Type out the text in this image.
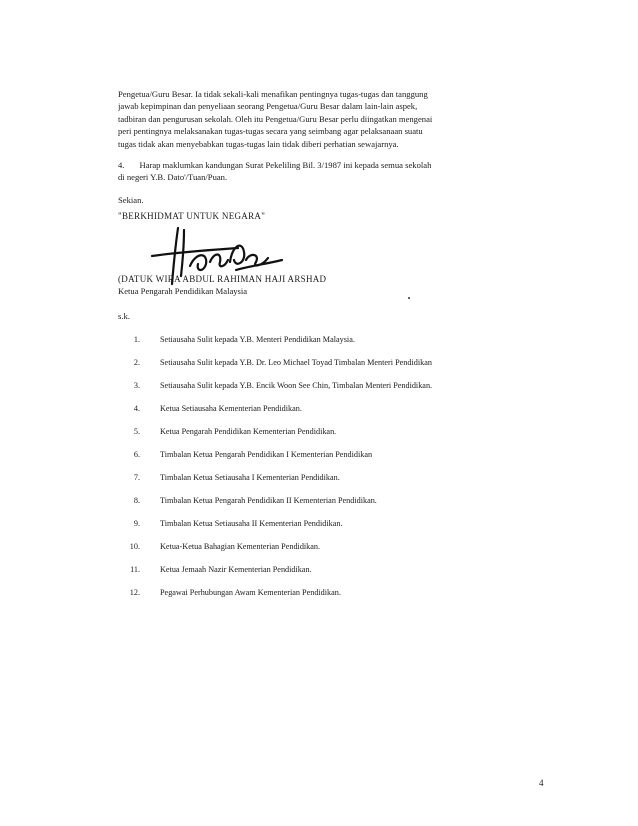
Pengetua/Guru Besar. Ia tidak sekali-kali menafikan pentingnya tugas-tugas dan tanggung
jawab kepimpinan dan penyeliaan seorang Pengetua/Guru Besar dalam lain-lain aspek,
tadbiran dan pengurusan sekolah. Oleh itu Pengetua/Guru Besar perlu diingatkan mengenai
peri pentingnya melaksanakan tugas-tugas secara yang seimbang agar pelaksanaan suatu
tugas tidak akan menyebabkan tugas-tugas lain tidak diberi perhatian sewajarnya.
4.       Harap maklumkan kandungan Surat Pekeliling Bil. 3/1987 ini kepada semua sekolah
di negeri Y.B. Dato'/Tuan/Puan.
Sekian.
"BERKHIDMAT UNTUK NEGARA"
(DATUK WIRA ABDUL RAHIMAN HAJI ARSHAD
Ketua Pengarah Pendidikan Malaysia
s.k.
1. Setiausaha Sulit kepada Y.B. Menteri Pendidikan Malaysia.
2. Setiausaha Sulit kepada Y.B. Dr. Leo Michael Toyad Timbalan Menteri Pendidikan
3. Setiausaha Sulit kepada Y.B. Encik Woon See Chin, Timbalan Menteri Pendidikan.
4. Ketua Setiausaha Kementerian Pendidikan.
5. Ketua Pengarah Pendidikan Kementerian Pendidikan.
6. Timbalan Ketua Pengarah Pendidikan I Kementerian Pendidikan
7. Timbalan Ketua Setiausaha I Kementerian Pendidikan.
8. Timbalan Ketua Pengarah Pendidikan II Kementerian Pendidikan.
9. Timbalan Ketua Setiausaha II Kementerian Pendidikan.
10. Ketua-Ketua Bahagian Kementerian Pendidikan.
11. Ketua Jemaah Nazir Kementerian Pendidikan.
12. Pegawai Perhubungan Awam Kementerian Pendidikan.
4
